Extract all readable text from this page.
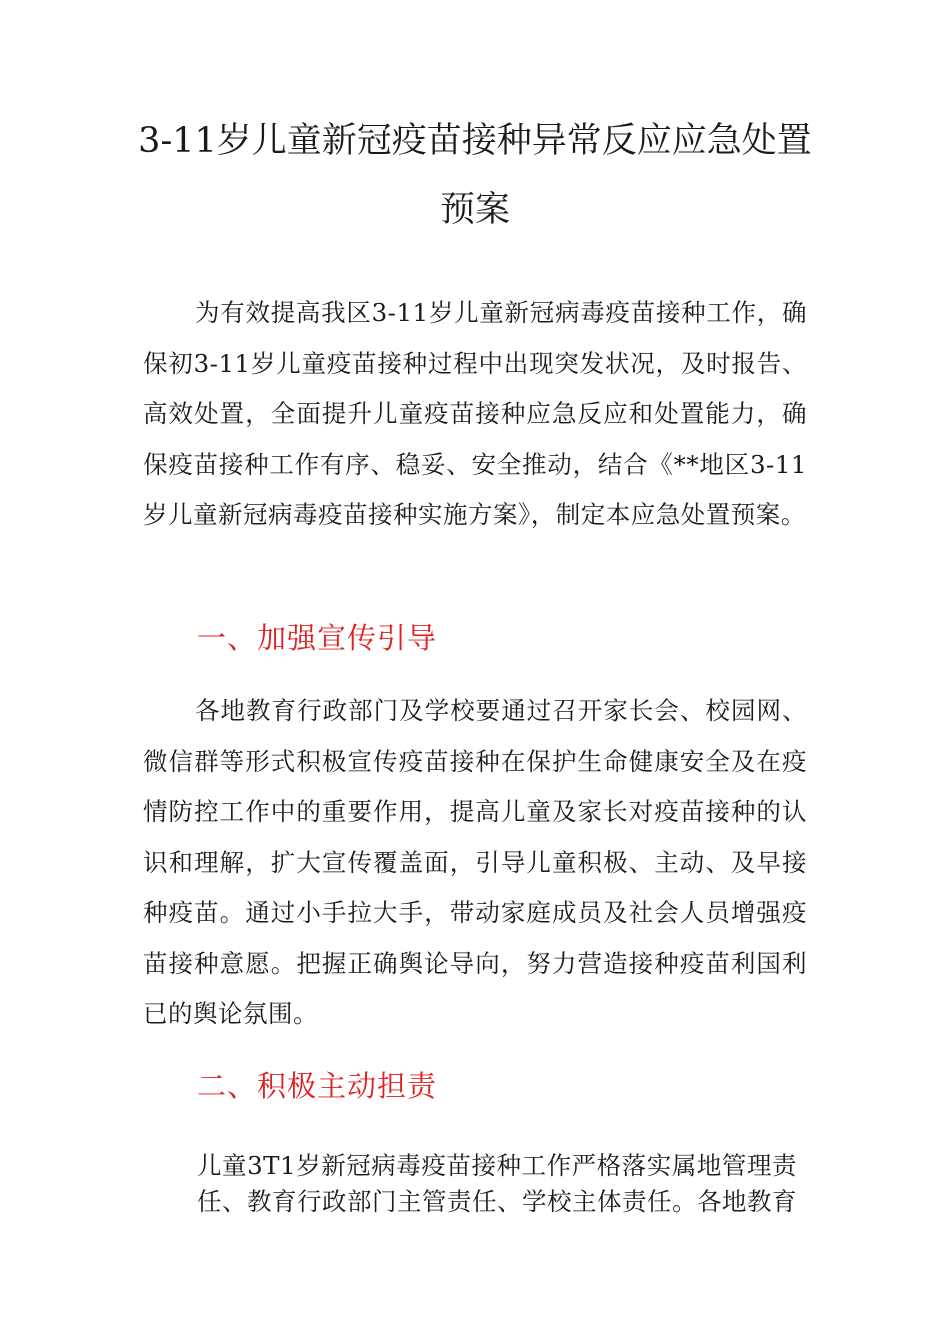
3-11岁儿童新冠疫苗接种异常反应应急处置
预案

为有效提高我区3-11岁儿童新冠病毒疫苗接种工作，确保初3-11岁儿童疫苗接种过程中出现突发状况，及时报告、高效处置，全面提升儿童疫苗接种应急反应和处置能力，确保疫苗接种工作有序、稳妥、安全推动，结合《**地区3-11岁儿童新冠病毒疫苗接种实施方案》，制定本应急处置预案。

一、加强宣传引导

各地教育行政部门及学校要通过召开家长会、校园网、微信群等形式积极宣传疫苗接种在保护生命健康安全及在疫情防控工作中的重要作用，提高儿童及家长对疫苗接种的认识和理解，扩大宣传覆盖面，引导儿童积极、主动、及早接种疫苗。通过小手拉大手，带动家庭成员及社会人员增强疫苗接种意愿。把握正确舆论导向，努力营造接种疫苗利国利已的舆论氛围。

二、积极主动担责

儿童3T1岁新冠病毒疫苗接种工作严格落实属地管理责任、教育行政部门主管责任、学校主体责任。各地教育
